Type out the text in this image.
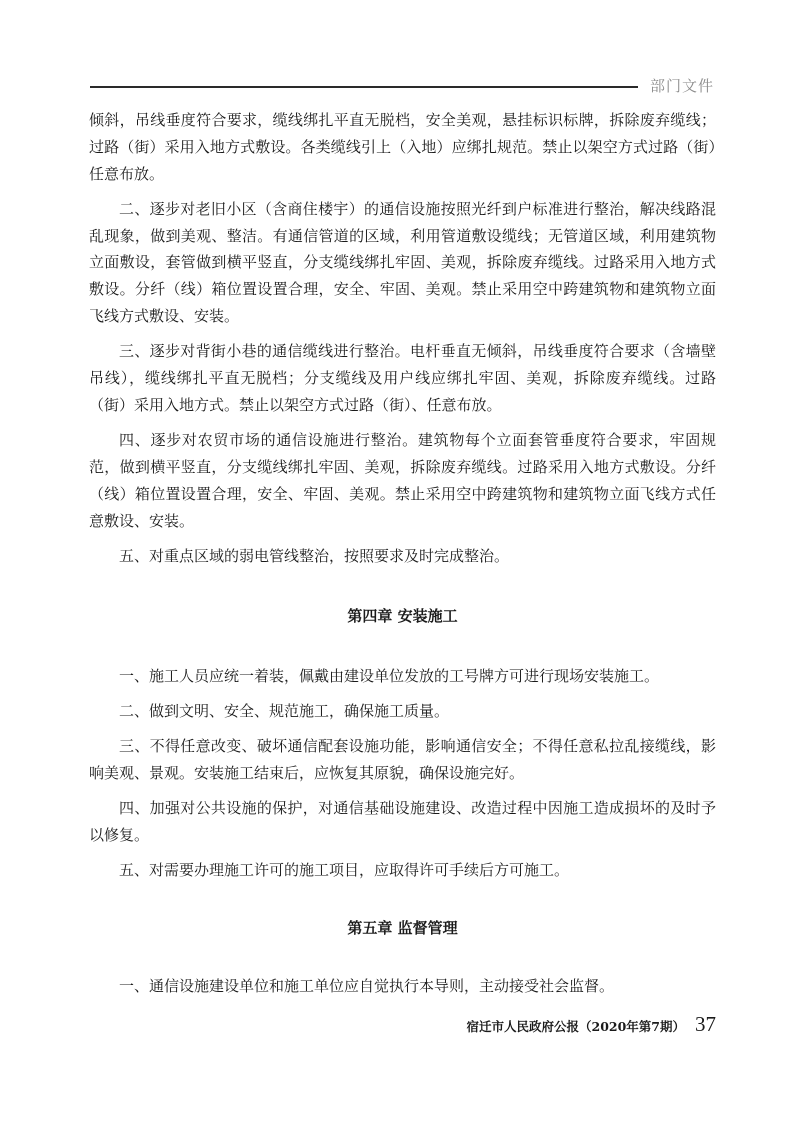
部门文件

倾斜，吊线垂度符合要求，缆线绑扎平直无脱档，安全美观，悬挂标识标牌，拆除废弃缆线；过路（街）采用入地方式敷设。各类缆线引上（入地）应绑扎规范。禁止以架空方式过路（街）任意布放。

二、逐步对老旧小区（含商住楼宇）的通信设施按照光纤到户标准进行整治，解决线路混乱现象，做到美观、整洁。有通信管道的区域，利用管道敷设缆线；无管道区域，利用建筑物立面敷设，套管做到横平竖直，分支缆线绑扎牢固、美观，拆除废弃缆线。过路采用入地方式敷设。分纤（线）箱位置设置合理，安全、牢固、美观。禁止采用空中跨建筑物和建筑物立面飞线方式敷设、安装。

三、逐步对背街小巷的通信缆线进行整治。电杆垂直无倾斜，吊线垂度符合要求（含墙壁吊线），缆线绑扎平直无脱档；分支缆线及用户线应绑扎牢固、美观，拆除废弃缆线。过路（街）采用入地方式。禁止以架空方式过路（街）、任意布放。

四、逐步对农贸市场的通信设施进行整治。建筑物每个立面套管垂度符合要求，牢固规范，做到横平竖直，分支缆线绑扎牢固、美观，拆除废弃缆线。过路采用入地方式敷设。分纤（线）箱位置设置合理，安全、牢固、美观。禁止采用空中跨建筑物和建筑物立面飞线方式任意敷设、安装。

五、对重点区域的弱电管线整治，按照要求及时完成整治。

第四章 安装施工

一、施工人员应统一着装，佩戴由建设单位发放的工号牌方可进行现场安装施工。

二、做到文明、安全、规范施工，确保施工质量。

三、不得任意改变、破坏通信配套设施功能，影响通信安全；不得任意私拉乱接缆线，影响美观、景观。安装施工结束后，应恢复其原貌，确保设施完好。

四、加强对公共设施的保护，对通信基础设施建设、改造过程中因施工造成损坏的及时予以修复。

五、对需要办理施工许可的施工项目，应取得许可手续后方可施工。

第五章 监督管理

一、通信设施建设单位和施工单位应自觉执行本导则，主动接受社会监督。

宿迁市人民政府公报（2020年第7期） 37
